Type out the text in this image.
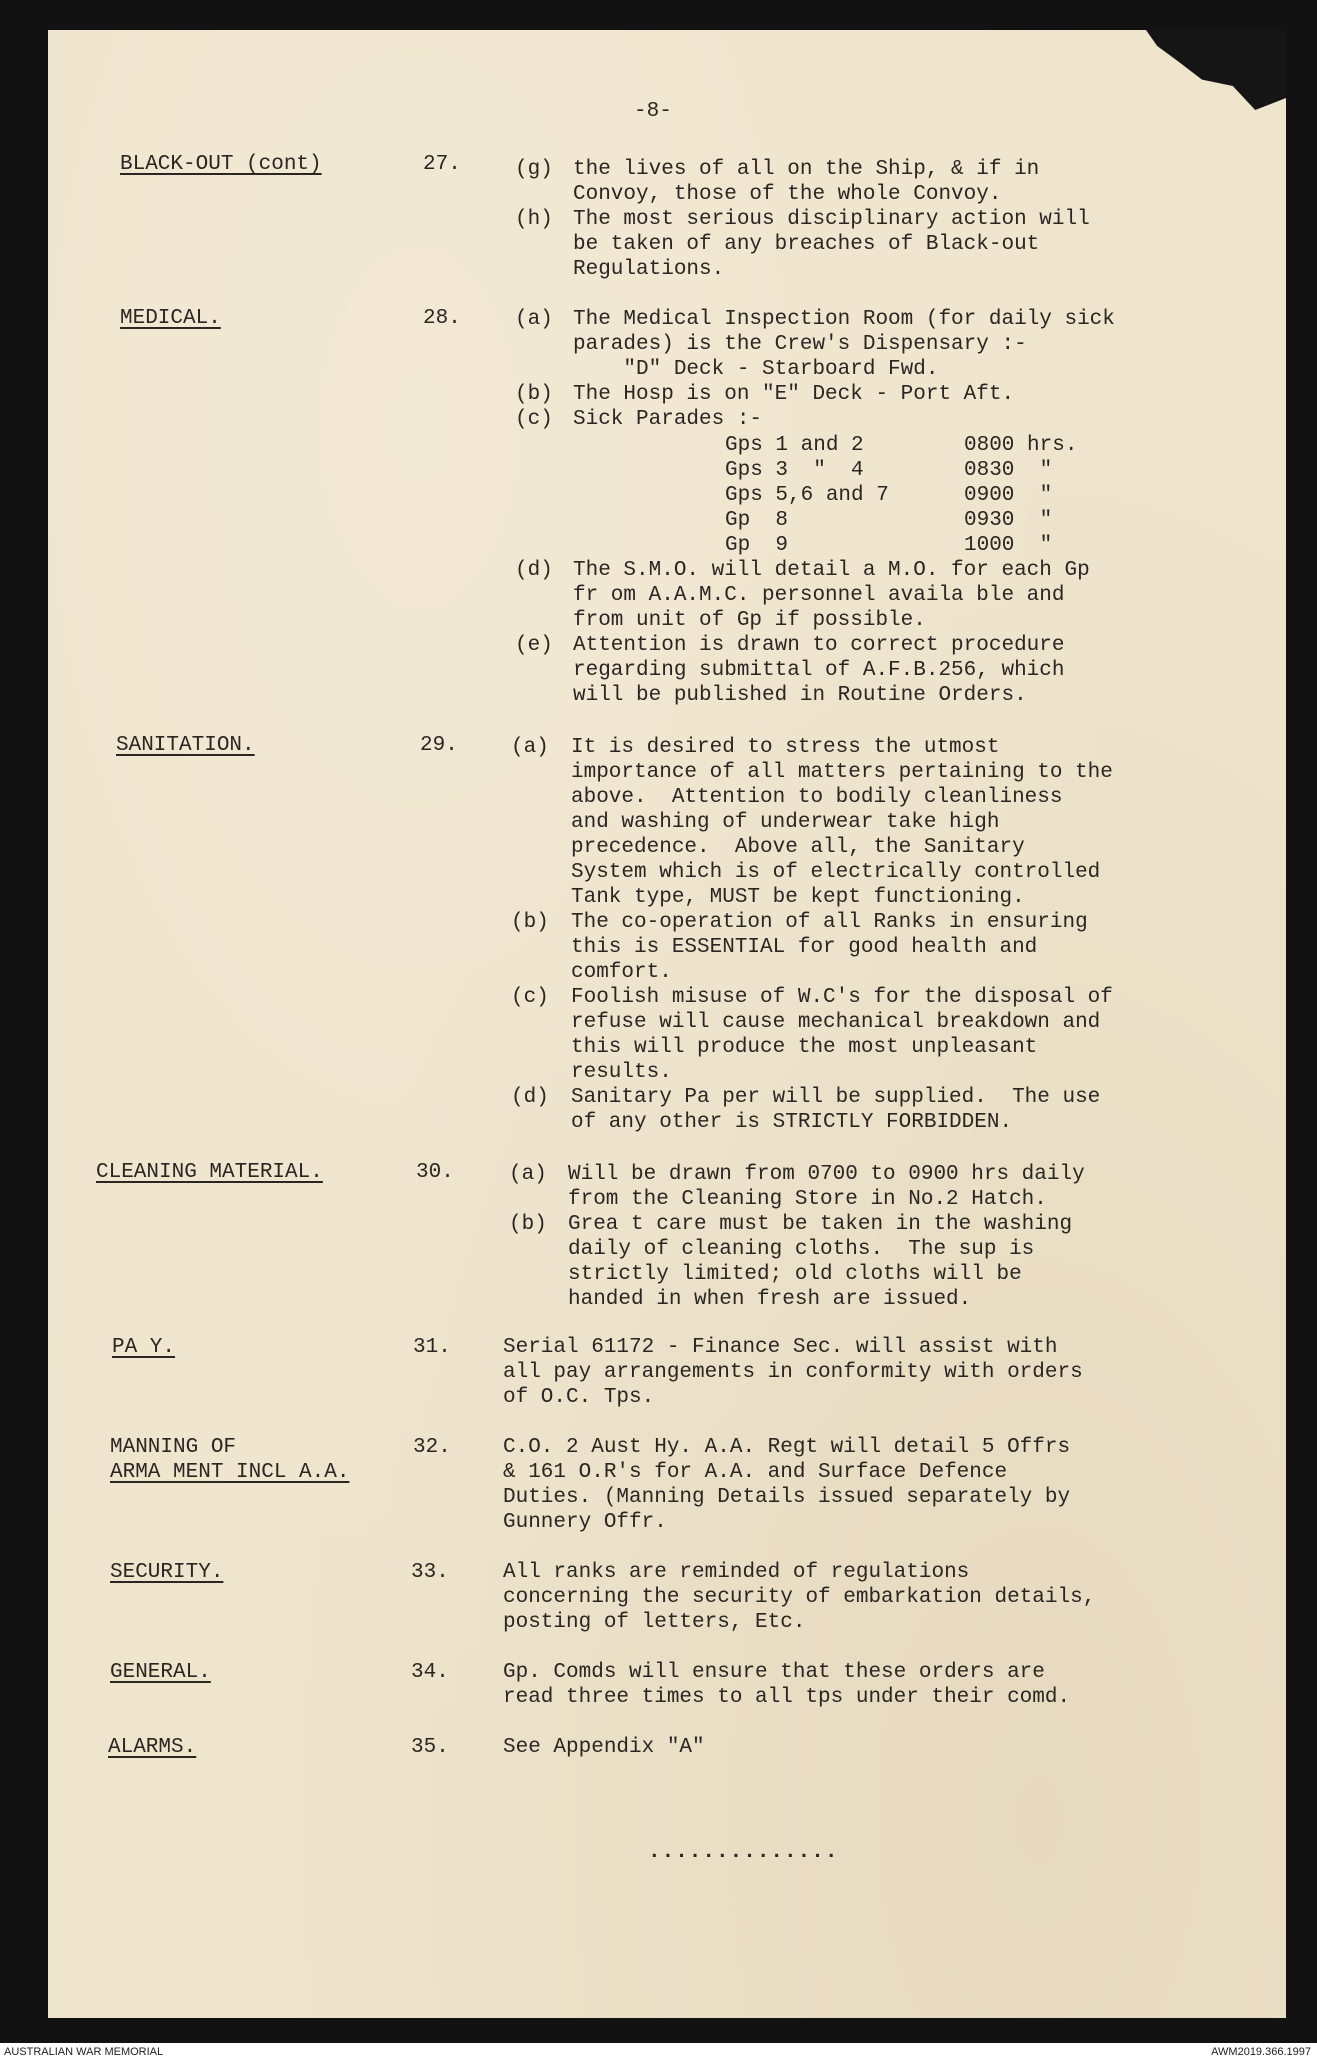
-8-
BLACK-OUT (cont)	27.	(g) the lives of all on the Ship, & if in
Convoy, those of the whole Convoy.
(h) The most serious disciplinary action will
be taken of any breaches of Black-out
Regulations.
MEDICAL.	28.	(a) The Medical Inspection Room (for daily sick
parades) is the Crew's Dispensary :-
"D" Deck - Starboard Fwd.
(b) The Hosp is on "E" Deck - Port Aft.
(c) Sick Parades :-
Gps 1 and 2	0800 hrs.
Gps 3  "  4	0830  "
Gps 5,6 and 7	0900  "
Gp  8	0930  "
Gp  9	1000  "
(d) The S.M.O. will detail a M.O. for each Gp
fr om A.A.M.C. personnel availa ble and
from unit of Gp if possible.
(e) Attention is drawn to correct procedure
regarding submittal of A.F.B.256, which
will be published in Routine Orders.
SANITATION.	29.	(a) It is desired to stress the utmost
importance of all matters pertaining to the
above.  Attention to bodily cleanliness
and washing of underwear take high
precedence.  Above all, the Sanitary
System which is of electrically controlled
Tank type, MUST be kept functioning.
(b) The co-operation of all Ranks in ensuring
this is ESSENTIAL for good health and
comfort.
(c) Foolish misuse of W.C's for the disposal of
refuse will cause mechanical breakdown and
this will produce the most unpleasant
results.
(d) Sanitary Pa per will be supplied.  The use
of any other is STRICTLY FORBIDDEN.
CLEANING MATERIAL.	30.	(a) Will be drawn from 0700 to 0900 hrs daily
from the Cleaning Store in No.2 Hatch.
(b) Grea t care must be taken in the washing
daily of cleaning cloths.  The sup is
strictly limited; old cloths will be
handed in when fresh are issued.
PA Y.	31. Serial 61172 - Finance Sec. will assist with
all pay arrangements in conformity with orders
of O.C. Tps.
MANNING OF
ARMA MENT INCL A.A.
32. C.O. 2 Aust Hy. A.A. Regt will detail 5 Offrs
& 161 O.R's for A.A. and Surface Defence
Duties. (Manning Details issued separately by
Gunnery Offr.
SECURITY.	33.	All ranks are reminded of regulations
concerning the security of embarkation details,
posting of letters, Etc.
GENERAL.	34.	Gp. Comds will ensure that these orders are
read three times to all tps under their comd.
ALARMS.	35.	See Appendix "A"
..............
AUSTRALIAN WAR MEMORIAL	AWM2019.366.1997
